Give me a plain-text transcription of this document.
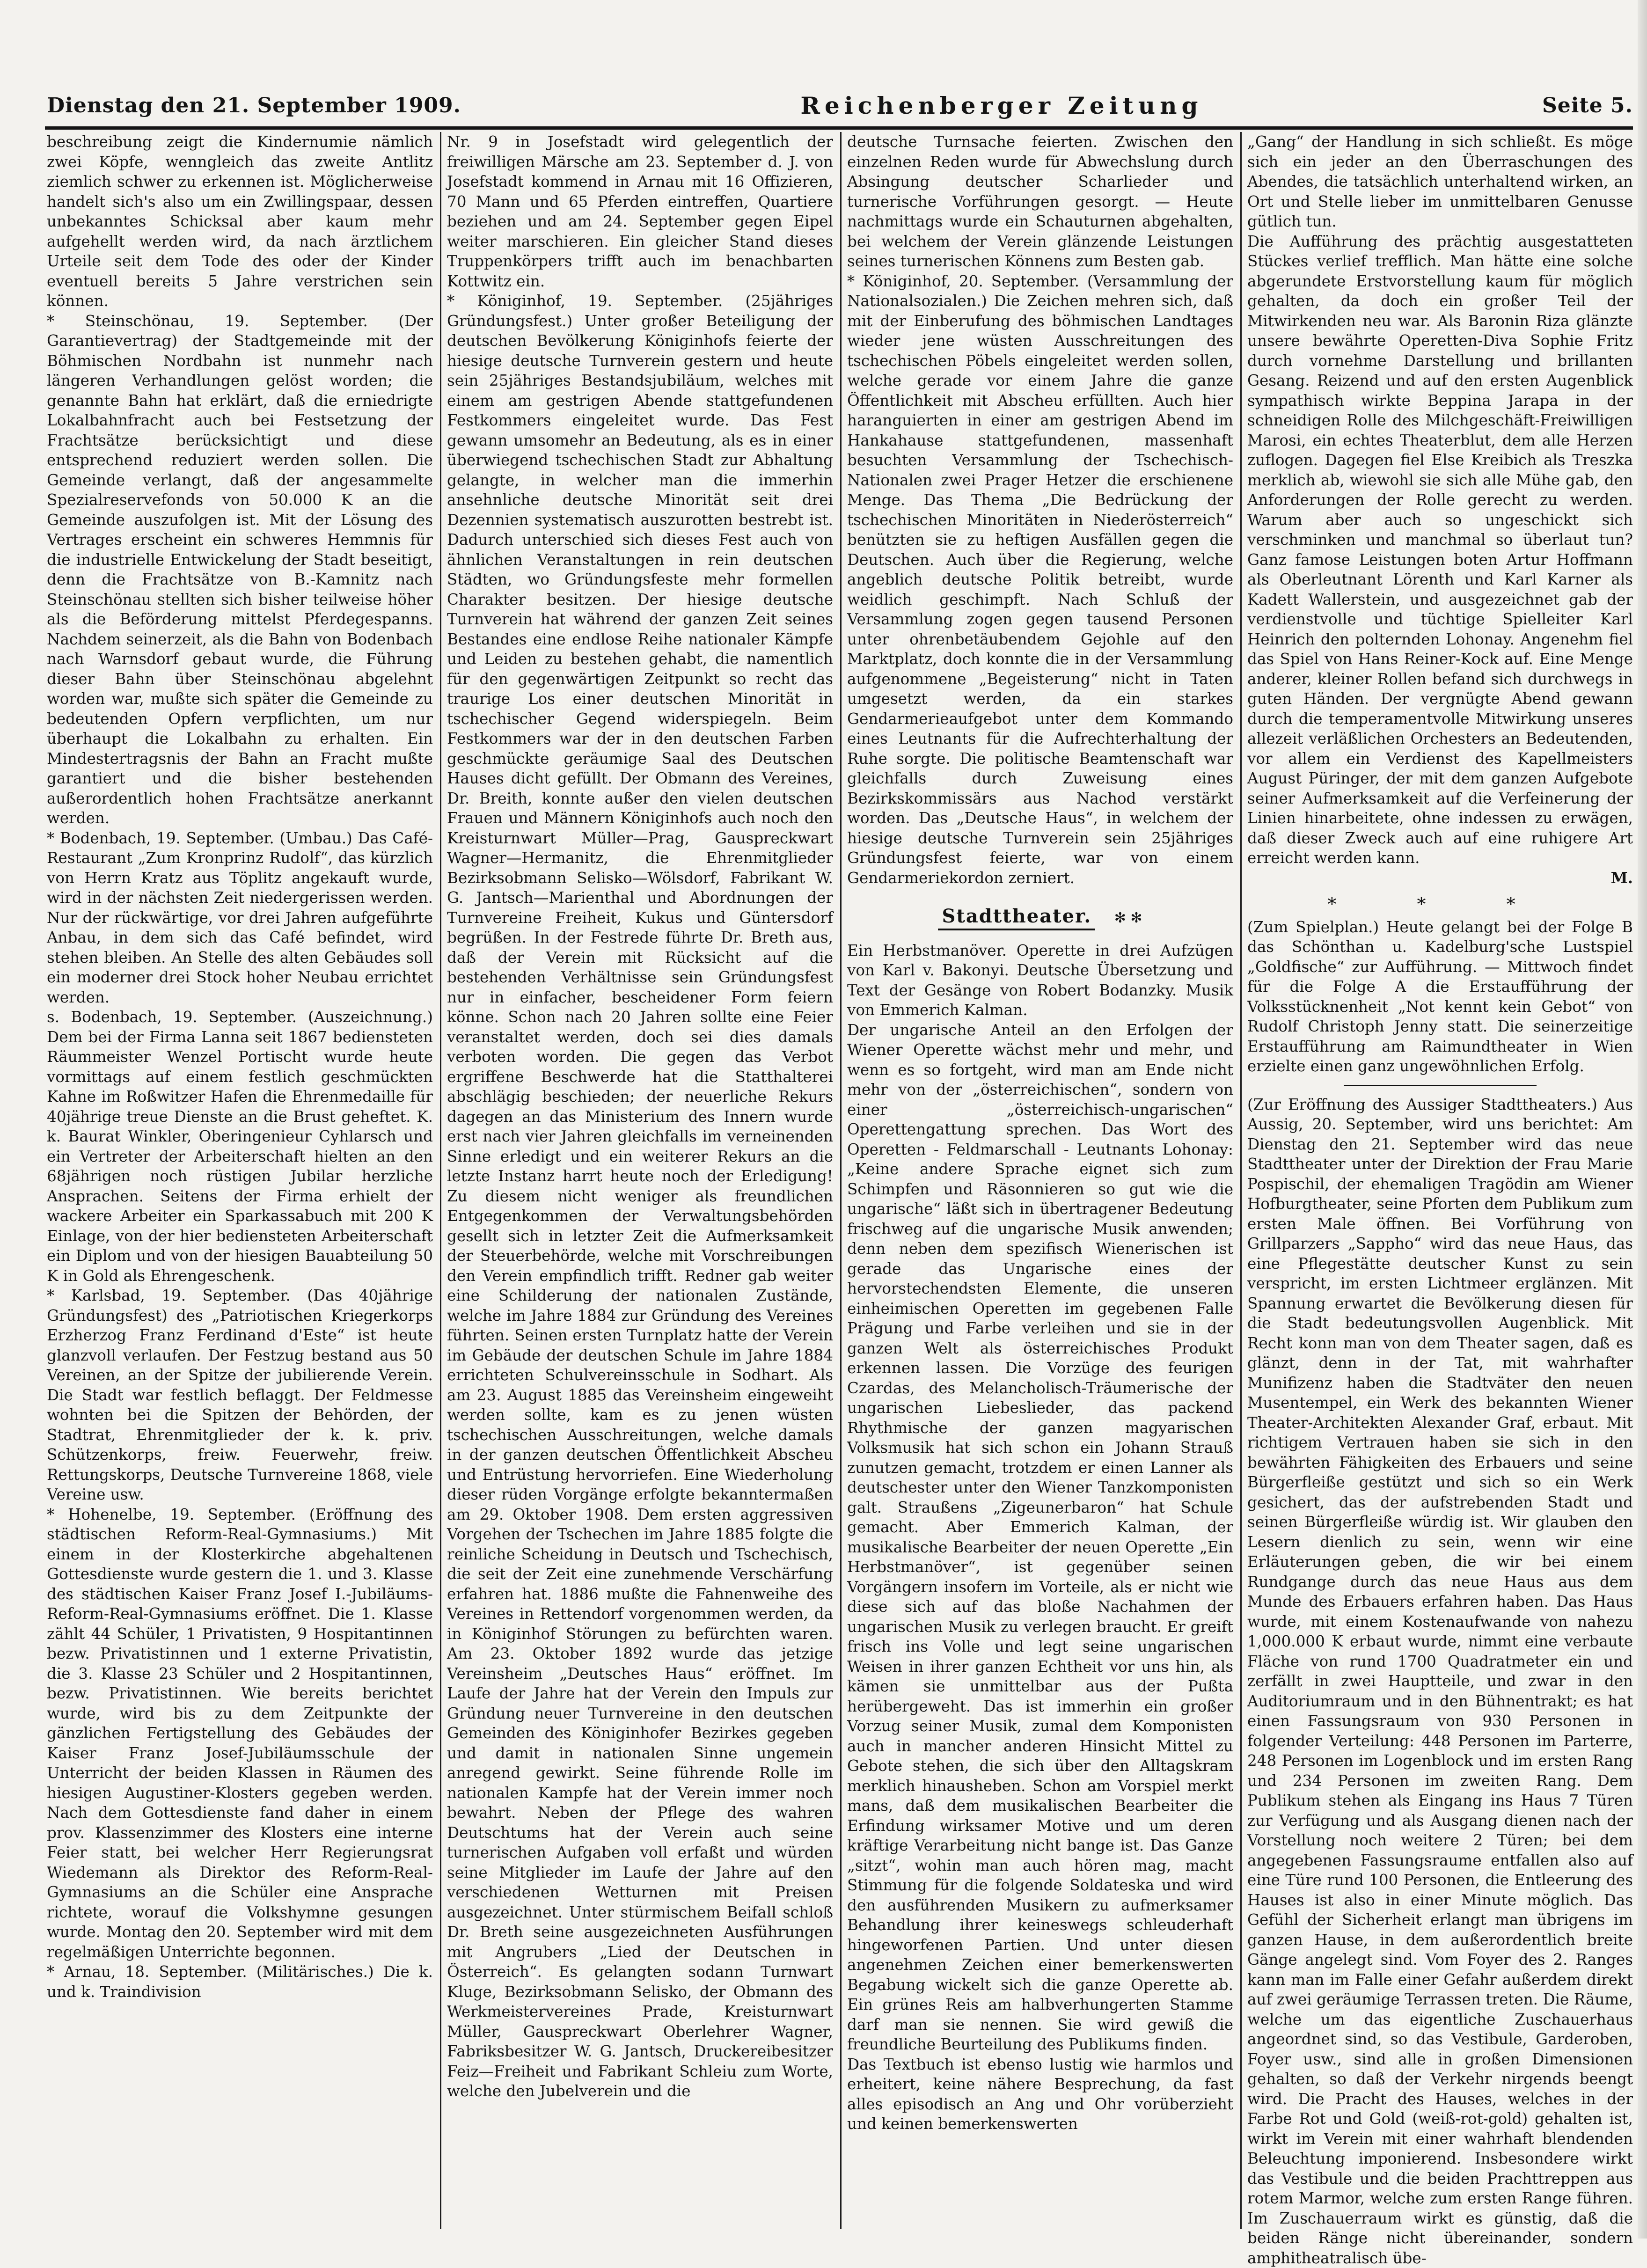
Dienstag den 21. September 1909.	Reichenberger Zeitung	Seite 5.

beschreibung zeigt die Kindernumie nämlich zwei Köpfe, wenngleich das zweite Antlitz ziemlich schwer zu erkennen ist. Möglicherweise handelt sich's also um ein Zwillingspaar, dessen unbekanntes Schicksal aber kaum mehr aufgehellt werden wird, da nach ärztlichem Urteile seit dem Tode des oder der Kinder eventuell bereits 5 Jahre verstrichen sein können.

* Steinschönau, 19. September. (Der Garantievertrag) der Stadtgemeinde mit der Böhmischen Nordbahn ist nunmehr nach längeren Verhandlungen gelöst worden; die genannte Bahn hat erklärt, daß die erniedrigte Lokalbahnfracht auch bei Festsetzung der Frachtsätze berücksichtigt und diese entsprechend reduziert werden sollen. Die Gemeinde verlangt, daß der angesammelte Spezialreservefonds von 50.000 K an die Gemeinde auszufolgen ist. Mit der Lösung des Vertrages erscheint ein schweres Hemmnis für die industrielle Entwickelung der Stadt beseitigt, denn die Frachtsätze von B.-Kamnitz nach Steinschönau stellten sich bisher teilweise höher als die Beförderung mittelst Pferdegespanns. Nachdem seinerzeit, als die Bahn von Bodenbach nach Warnsdorf gebaut wurde, die Führung dieser Bahn über Steinschönau abgelehnt worden war, mußte sich später die Gemeinde zu bedeutenden Opfern verpflichten, um nur überhaupt die Lokalbahn zu erhalten. Ein Mindestertragsnis der Bahn an Fracht mußte garantiert und die bisher bestehenden außerordentlich hohen Frachtsätze anerkannt werden.

* Bodenbach, 19. September. (Umbau.) Das Café-Restaurant „Zum Kronprinz Rudolf“, das kürzlich von Herrn Kratz aus Töplitz angekauft wurde, wird in der nächsten Zeit niedergerissen werden. Nur der rückwärtige, vor drei Jahren aufgeführte Anbau, in dem sich das Café befindet, wird stehen bleiben. An Stelle des alten Gebäudes soll ein moderner drei Stock hoher Neubau errichtet werden.

s. Bodenbach, 19. September. (Auszeichnung.) Dem bei der Firma Lanna seit 1867 bediensteten Räummeister Wenzel Portischt wurde heute vormittags auf einem festlich geschmückten Kahne im Roßwitzer Hafen die Ehrenmedaille für 40jährige treue Dienste an die Brust geheftet. K. k. Baurat Winkler, Oberingenieur Cyhlarsch und ein Vertreter der Arbeiterschaft hielten an den 68jährigen noch rüstigen Jubilar herzliche Ansprachen. Seitens der Firma erhielt der wackere Arbeiter ein Sparkassabuch mit 200 K Einlage, von der hier bediensteten Arbeiterschaft ein Diplom und von der hiesigen Bauabteilung 50 K in Gold als Ehrengeschenk.

* Karlsbad, 19. September. (Das 40jährige Gründungsfest) des „Patriotischen Kriegerkorps Erzherzog Franz Ferdinand d'Este“ ist heute glanzvoll verlaufen. Der Festzug bestand aus 50 Vereinen, an der Spitze der jubilierende Verein. Die Stadt war festlich beflaggt. Der Feldmesse wohnten bei die Spitzen der Behörden, der Stadtrat, Ehrenmitglieder der k. k. priv. Schützenkorps, freiw. Feuerwehr, freiw. Rettungskorps, Deutsche Turnvereine 1868, viele Vereine usw.

* Hohenelbe, 19. September. (Eröffnung des städtischen Reform-Real-Gymnasiums.) Mit einem in der Klosterkirche abgehaltenen Gottesdienste wurde gestern die 1. und 3. Klasse des städtischen Kaiser Franz Josef I.-Jubiläums-Reform-Real-Gymnasiums eröffnet. Die 1. Klasse zählt 44 Schüler, 1 Privatisten, 9 Hospitantinnen bezw. Privatistinnen und 1 externe Privatistin, die 3. Klasse 23 Schüler und 2 Hospitantinnen, bezw. Privatistinnen. Wie bereits berichtet wurde, wird bis zu dem Zeitpunkte der gänzlichen Fertigstellung des Gebäudes der Kaiser Franz Josef-Jubiläumsschule der Unterricht der beiden Klassen in Räumen des hiesigen Augustiner-Klosters gegeben werden. Nach dem Gottesdienste fand daher in einem prov. Klassenzimmer des Klosters eine interne Feier statt, bei welcher Herr Regierungsrat Wiedemann als Direktor des Reform-Real-Gymnasiums an die Schüler eine Ansprache richtete, worauf die Volkshymne gesungen wurde. Montag den 20. September wird mit dem regelmäßigen Unterrichte begonnen.

* Arnau, 18. September. (Militärisches.) Die k. und k. Traindivision

Nr. 9 in Josefstadt wird gelegentlich der freiwilligen Märsche am 23. September d. J. von Josefstadt kommend in Arnau mit 16 Offizieren, 70 Mann und 65 Pferden eintreffen, Quartiere beziehen und am 24. September gegen Eipel weiter marschieren. Ein gleicher Stand dieses Truppenkörpers trifft auch im benachbarten Kottwitz ein.

* Königinhof, 19. September. (25jähriges Gründungsfest.) Unter großer Beteiligung der deutschen Bevölkerung Königinhofs feierte der hiesige deutsche Turnverein gestern und heute sein 25jähriges Bestandsjubiläum, welches mit einem am gestrigen Abende stattgefundenen Festkommers eingeleitet wurde. Das Fest gewann umsomehr an Bedeutung, als es in einer überwiegend tschechischen Stadt zur Abhaltung gelangte, in welcher man die immerhin ansehnliche deutsche Minorität seit drei Dezennien systematisch auszurotten bestrebt ist. Dadurch unterschied sich dieses Fest auch von ähnlichen Veranstaltungen in rein deutschen Städten, wo Gründungsfeste mehr formellen Charakter besitzen. Der hiesige deutsche Turnverein hat während der ganzen Zeit seines Bestandes eine endlose Reihe nationaler Kämpfe und Leiden zu bestehen gehabt, die namentlich für den gegenwärtigen Zeitpunkt so recht das traurige Los einer deutschen Minorität in tschechischer Gegend widerspiegeln. Beim Festkommers war der in den deutschen Farben geschmückte geräumige Saal des Deutschen Hauses dicht gefüllt. Der Obmann des Vereines, Dr. Breith, konnte außer den vielen deutschen Frauen und Männern Königinhofs auch noch den Kreisturnwart Müller—Prag, Gauspreckwart Wagner—Hermanitz, die Ehrenmitglieder Bezirksobmann Selisko—Wölsdorf, Fabrikant W. G. Jantsch—Marienthal und Abordnungen der Turnvereine Freiheit, Kukus und Güntersdorf begrüßen. In der Festrede führte Dr. Breth aus, daß der Verein mit Rücksicht auf die bestehenden Verhältnisse sein Gründungsfest nur in einfacher, bescheidener Form feiern könne. Schon nach 20 Jahren sollte eine Feier veranstaltet werden, doch sei dies damals verboten worden. Die gegen das Verbot ergriffene Beschwerde hat die Statthalterei abschlägig beschieden; der neuerliche Rekurs dagegen an das Ministerium des Innern wurde erst nach vier Jahren gleichfalls im verneinenden Sinne erledigt und ein weiterer Rekurs an die letzte Instanz harrt heute noch der Erledigung! Zu diesem nicht weniger als freundlichen Entgegenkommen der Verwaltungsbehörden gesellt sich in letzter Zeit die Aufmerksamkeit der Steuerbehörde, welche mit Vorschreibungen den Verein empfindlich trifft. Redner gab weiter eine Schilderung der nationalen Zustände, welche im Jahre 1884 zur Gründung des Vereines führten. Seinen ersten Turnplatz hatte der Verein im Gebäude der deutschen Schule im Jahre 1884 errichteten Schulvereinsschule in Sodhart. Als am 23. August 1885 das Vereinsheim eingeweiht werden sollte, kam es zu jenen wüsten tschechischen Ausschreitungen, welche damals in der ganzen deutschen Öffentlichkeit Abscheu und Entrüstung hervorriefen. Eine Wiederholung dieser rüden Vorgänge erfolgte bekanntermaßen am 29. Oktober 1908. Dem ersten aggressiven Vorgehen der Tschechen im Jahre 1885 folgte die reinliche Scheidung in Deutsch und Tschechisch, die seit der Zeit eine zunehmende Verschärfung erfahren hat. 1886 mußte die Fahnenweihe des Vereines in Rettendorf vorgenommen werden, da in Königinhof Störungen zu befürchten waren. Am 23. Oktober 1892 wurde das jetzige Vereinsheim „Deutsches Haus“ eröffnet. Im Laufe der Jahre hat der Verein den Impuls zur Gründung neuer Turnvereine in den deutschen Gemeinden des Königinhofer Bezirkes gegeben und damit in nationalen Sinne ungemein anregend gewirkt. Seine führende Rolle im nationalen Kampfe hat der Verein immer noch bewahrt. Neben der Pflege des wahren Deutschtums hat der Verein auch seine turnerischen Aufgaben voll erfaßt und würden seine Mitglieder im Laufe der Jahre auf den verschiedenen Wetturnen mit Preisen ausgezeichnet. Unter stürmischem Beifall schloß Dr. Breth seine ausgezeichneten Ausführungen mit Angrubers „Lied der Deutschen in Österreich“. Es gelangten sodann Turnwart Kluge, Bezirksobmann Selisko, der Obmann des Werkmeistervereines Prade, Kreisturnwart Müller, Gauspreckwart Oberlehrer Wagner, Fabriksbesitzer W. G. Jantsch, Druckereibesitzer Feiz—Freiheit und Fabrikant Schleiu zum Worte, welche den Jubelverein und die

deutsche Turnsache feierten. Zwischen den einzelnen Reden wurde für Abwechslung durch Absingung deutscher Scharlieder und turnerische Vorführungen gesorgt. — Heute nachmittags wurde ein Schauturnen abgehalten, bei welchem der Verein glänzende Leistungen seines turnerischen Könnens zum Besten gab.

* Königinhof, 20. September. (Versammlung der Nationalsozialen.) Die Zeichen mehren sich, daß mit der Einberufung des böhmischen Landtages wieder jene wüsten Ausschreitungen des tschechischen Pöbels eingeleitet werden sollen, welche gerade vor einem Jahre die ganze Öffentlichkeit mit Abscheu erfüllten. Auch hier haranguierten in einer am gestrigen Abend im Hankahause stattgefundenen, massenhaft besuchten Versammlung der Tschechisch-Nationalen zwei Prager Hetzer die erschienene Menge. Das Thema „Die Bedrückung der tschechischen Minoritäten in Niederösterreich“ benützten sie zu heftigen Ausfällen gegen die Deutschen. Auch über die Regierung, welche angeblich deutsche Politik betreibt, wurde weidlich geschimpft. Nach Schluß der Versammlung zogen gegen tausend Personen unter ohrenbetäubendem Gejohle auf den Marktplatz, doch konnte die in der Versammlung aufgenommene „Begeisterung“ nicht in Taten umgesetzt werden, da ein starkes Gendarmerieaufgebot unter dem Kommando eines Leutnants für die Aufrechterhaltung der Ruhe sorgte. Die politische Beamtenschaft war gleichfalls durch Zuweisung eines Bezirkskommissärs aus Nachod verstärkt worden. Das „Deutsche Haus“, in welchem der hiesige deutsche Turnverein sein 25jähriges Gründungsfest feierte, war von einem Gendarmeriekordon zerniert.

Stadttheater. ✻ ✻

Ein Herbstmanöver. Operette in drei Aufzügen von Karl v. Bakonyi. Deutsche Übersetzung und Text der Gesänge von Robert Bodanzky. Musik von Emmerich Kalman.

Der ungarische Anteil an den Erfolgen der Wiener Operette wächst mehr und mehr, und wenn es so fortgeht, wird man am Ende nicht mehr von der „österreichischen“, sondern von einer „österreichisch-ungarischen“ Operettengattung sprechen. Das Wort des Operetten - Feldmarschall - Leutnants Lohonay: „Keine andere Sprache eignet sich zum Schimpfen und Räsonnieren so gut wie die ungarische“ läßt sich in übertragener Bedeutung frischweg auf die ungarische Musik anwenden; denn neben dem spezifisch Wienerischen ist gerade das Ungarische eines der hervorstechendsten Elemente, die unseren einheimischen Operetten im gegebenen Falle Prägung und Farbe verleihen und sie in der ganzen Welt als österreichisches Produkt erkennen lassen. Die Vorzüge des feurigen Czardas, des Melancholisch-Träumerische der ungarischen Liebeslieder, das packend Rhythmische der ganzen magyarischen Volksmusik hat sich schon ein Johann Strauß zunutzen gemacht, trotzdem er einen Lanner als deutschester unter den Wiener Tanzkomponisten galt. Straußens „Zigeunerbaron“ hat Schule gemacht. Aber Emmerich Kalman, der musikalische Bearbeiter der neuen Operette „Ein Herbstmanöver“, ist gegenüber seinen Vorgängern insofern im Vorteile, als er nicht wie diese sich auf das bloße Nachahmen der ungarischen Musik zu verlegen braucht. Er greift frisch ins Volle und legt seine ungarischen Weisen in ihrer ganzen Echtheit vor uns hin, als kämen sie unmittelbar aus der Pußta herübergeweht. Das ist immerhin ein großer Vorzug seiner Musik, zumal dem Komponisten auch in mancher anderen Hinsicht Mittel zu Gebote stehen, die sich über den Alltagskram merklich hinausheben. Schon am Vorspiel merkt mans, daß dem musikalischen Bearbeiter die Erfindung wirksamer Motive und um deren kräftige Verarbeitung nicht bange ist. Das Ganze „sitzt“, wohin man auch hören mag, macht Stimmung für die folgende Soldateska und wird den ausführenden Musikern zu aufmerksamer Behandlung ihrer keineswegs schleuderhaft hingeworfenen Partien. Und unter diesen angenehmen Zeichen einer bemerkenswerten Begabung wickelt sich die ganze Operette ab. Ein grünes Reis am halbverhungerten Stamme darf man sie nennen. Sie wird gewiß die freundliche Beurteilung des Publikums finden.

Das Textbuch ist ebenso lustig wie harmlos und erheitert, keine nähere Besprechung, da fast alles episodisch an Ang und Ohr vorüberzieht und keinen bemerkenswerten

„Gang“ der Handlung in sich schließt. Es möge sich ein jeder an den Überraschungen des Abendes, die tatsächlich unterhaltend wirken, an Ort und Stelle lieber im unmittelbaren Genusse gütlich tun.

Die Aufführung des prächtig ausgestatteten Stückes verlief trefflich. Man hätte eine solche abgerundete Erstvorstellung kaum für möglich gehalten, da doch ein großer Teil der Mitwirkenden neu war. Als Baronin Riza glänzte unsere bewährte Operetten-Diva Sophie Fritz durch vornehme Darstellung und brillanten Gesang. Reizend und auf den ersten Augenblick sympathisch wirkte Beppina Jarapa in der schneidigen Rolle des Milchgeschäft-Freiwilligen Marosi, ein echtes Theaterblut, dem alle Herzen zuflogen. Dagegen fiel Else Kreibich als Treszka merklich ab, wiewohl sie sich alle Mühe gab, den Anforderungen der Rolle gerecht zu werden. Warum aber auch so ungeschickt sich verschminken und manchmal so überlaut tun? Ganz famose Leistungen boten Artur Hoffmann als Oberleutnant Lörenth und Karl Karner als Kadett Wallerstein, und ausgezeichnet gab der verdienstvolle und tüchtige Spielleiter Karl Heinrich den polternden Lohonay. Angenehm fiel das Spiel von Hans Reiner-Kock auf. Eine Menge anderer, kleiner Rollen befand sich durchwegs in guten Händen. Der vergnügte Abend gewann durch die temperamentvolle Mitwirkung unseres allezeit verläßlichen Orchesters an Bedeutenden, vor allem ein Verdienst des Kapellmeisters August Püringer, der mit dem ganzen Aufgebote seiner Aufmerksamkeit auf die Verfeinerung der Linien hinarbeitete, ohne indessen zu erwägen, daß dieser Zweck auch auf eine ruhigere Art erreicht werden kann.

M.

* * *

(Zum Spielplan.) Heute gelangt bei der Folge B das Schönthan u. Kadelburg'sche Lustspiel „Goldfische“ zur Aufführung. — Mittwoch findet für die Folge A die Erstaufführung der Volksstücknenheit „Not kennt kein Gebot“ von Rudolf Christoph Jenny statt. Die seinerzeitige Erstaufführung am Raimundtheater in Wien erzielte einen ganz ungewöhnlichen Erfolg.

(Zur Eröffnung des Aussiger Stadttheaters.) Aus Aussig, 20. September, wird uns berichtet: Am Dienstag den 21. September wird das neue Stadttheater unter der Direktion der Frau Marie Pospischil, der ehemaligen Tragödin am Wiener Hofburgtheater, seine Pforten dem Publikum zum ersten Male öffnen. Bei Vorführung von Grillparzers „Sappho“ wird das neue Haus, das eine Pflegestätte deutscher Kunst zu sein verspricht, im ersten Lichtmeer erglänzen. Mit Spannung erwartet die Bevölkerung diesen für die Stadt bedeutungsvollen Augenblick. Mit Recht konn man von dem Theater sagen, daß es glänzt, denn in der Tat, mit wahrhafter Munifizenz haben die Stadtväter den neuen Musentempel, ein Werk des bekannten Wiener Theater-Architekten Alexander Graf, erbaut. Mit richtigem Vertrauen haben sie sich in den bewährten Fähigkeiten des Erbauers und seine Bürgerfleiße gestützt und sich so ein Werk gesichert, das der aufstrebenden Stadt und seinen Bürgerfleiße würdig ist. Wir glauben den Lesern dienlich zu sein, wenn wir eine Erläuterungen geben, die wir bei einem Rundgange durch das neue Haus aus dem Munde des Erbauers erfahren haben. Das Haus wurde, mit einem Kostenaufwande von nahezu 1,000.000 K erbaut wurde, nimmt eine verbaute Fläche von rund 1700 Quadratmeter ein und zerfällt in zwei Hauptteile, und zwar in den Auditoriumraum und in den Bühnentrakt; es hat einen Fassungsraum von 930 Personen in folgender Verteilung: 448 Personen im Parterre, 248 Personen im Logenblock und im ersten Rang und 234 Personen im zweiten Rang. Dem Publikum stehen als Eingang ins Haus 7 Türen zur Verfügung und als Ausgang dienen nach der Vorstellung noch weitere 2 Türen; bei dem angegebenen Fassungsraume entfallen also auf eine Türe rund 100 Personen, die Entleerung des Hauses ist also in einer Minute möglich. Das Gefühl der Sicherheit erlangt man übrigens im ganzen Hause, in dem außerordentlich breite Gänge angelegt sind. Vom Foyer des 2. Ranges kann man im Falle einer Gefahr außerdem direkt auf zwei geräumige Terrassen treten. Die Räume, welche um das eigentliche Zuschauerhaus angeordnet sind, so das Vestibule, Garderoben, Foyer usw., sind alle in großen Dimensionen gehalten, so daß der Verkehr nirgends beengt wird. Die Pracht des Hauses, welches in der Farbe Rot und Gold (weiß-rot-gold) gehalten ist, wirkt im Verein mit einer wahrhaft blendenden Beleuchtung imponierend. Insbesondere wirkt das Vestibule und die beiden Prachttreppen aus rotem Marmor, welche zum ersten Range führen. Im Zuschauerraum wirkt es günstig, daß die beiden Ränge nicht übereinander, sondern amphitheatralisch übe-
